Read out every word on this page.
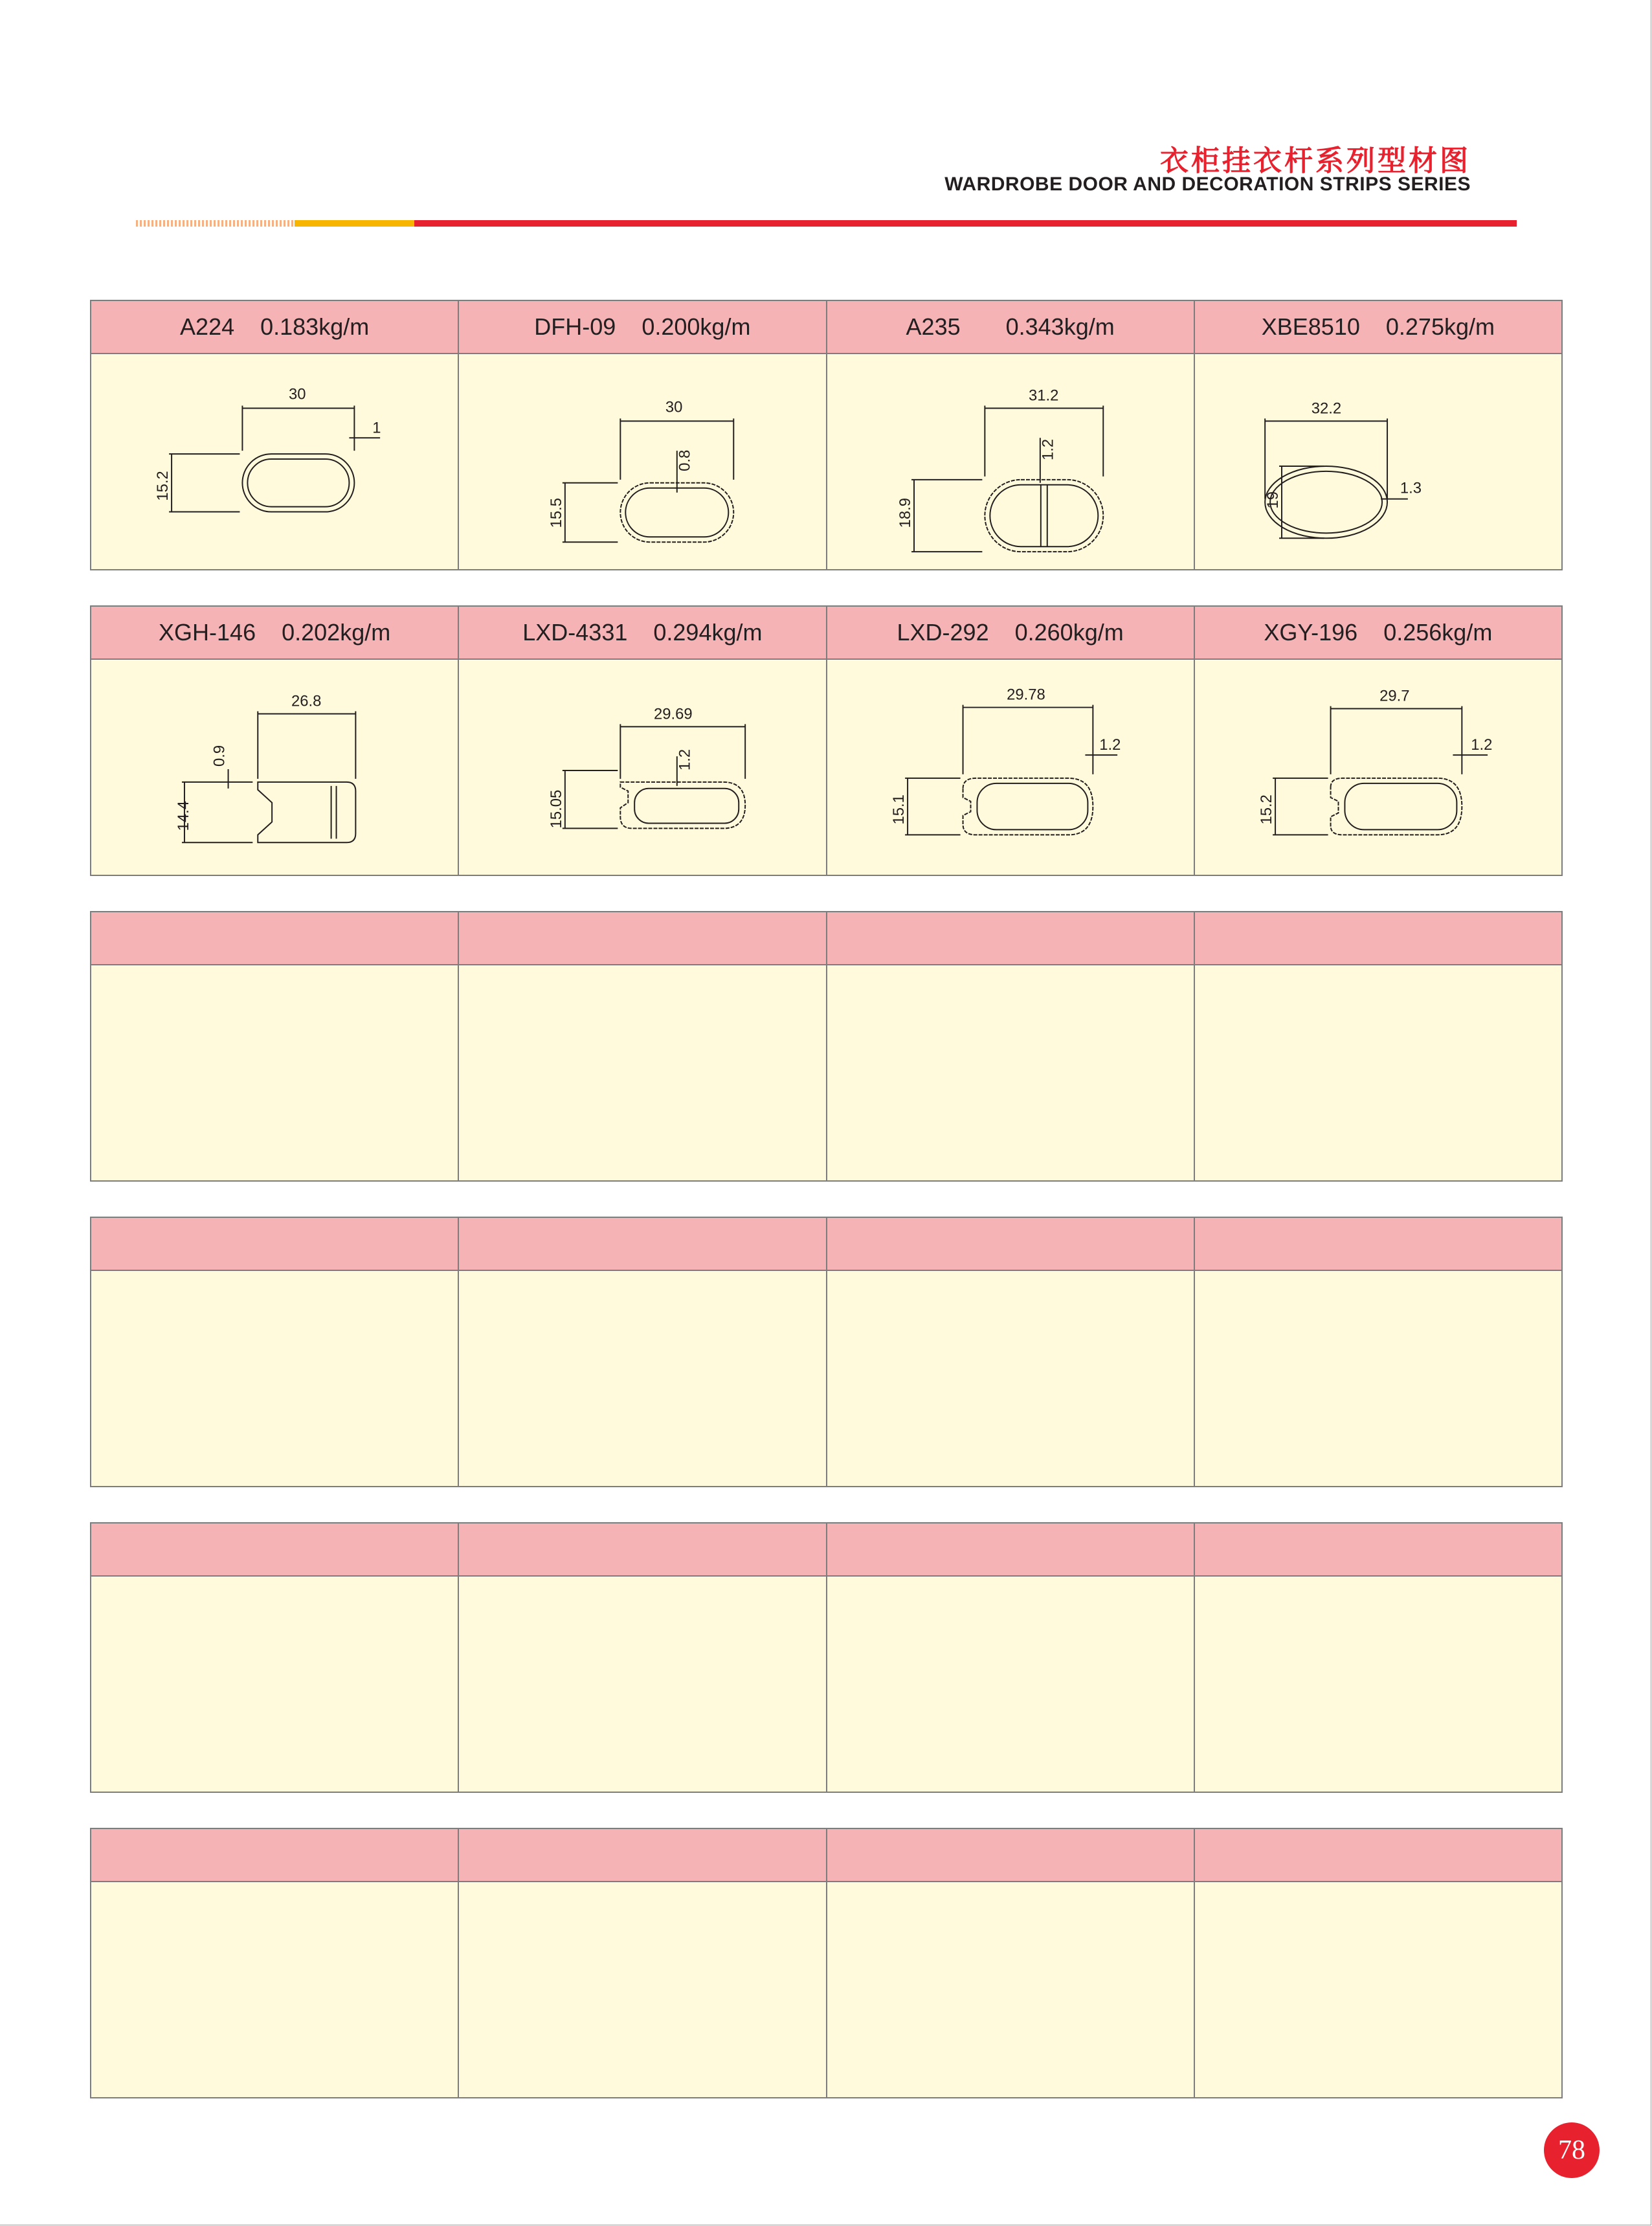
衣柜挂衣杆系列型材图
WARDROBE DOOR AND DECORATION STRIPS SERIES
A224 0.183kg/m	DFH-09 0.200kg/m	A235 0.343kg/m	XBE8510 0.275kg/m
30
1
15.2
30
0.8
15.5
31.2
1.2
18.9
32.2
1.3
19
XGH-146 0.202kg/m	LXD-4331 0.294kg/m	LXD-292 0.260kg/m	XGY-196 0.256kg/m
26.8
0.9
14.4
29.69
1.2
15.05
29.78
1.2
15.1
29.7
1.2
15.2
78
